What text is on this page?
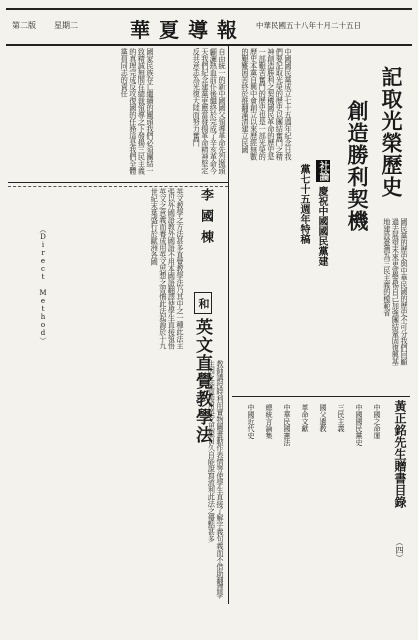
第二版 星期二	華夏導報 中華民國五十八年十月二十五日
記取光榮歷史
創造勝利契機
社論
慶祝中國國民黨建
黨七十五週年特稿
中國國民黨成立七十五週年紀念日我們要記取光榮的歷史以團結奮鬥之精神創造勝利之契機國民革命的歷史是一部艱苦奮鬥的歷史也是一部光榮的歷史本黨自興中會創立以來歷經無數的艱難困苦終於推翻滿清建立民國
自由統一的新中國國父領導革命先烈拋頭顱灑熱血前仆後繼終於完成了辛亥革命今天我們紀念建黨更應當發揚革命精神堅定反共意志為光復大陸而努力奮鬥
國家民族存亡繼續的關頭我們必須團結一致精誠無間在總裁領導之下發揚三民主義的真理完成反攻復國的任務這是我們全體黨員同志的責任
國民黨的歷史與中華民國的歷史不可分我們回顧過去展望未來更當警惕自己加強團結鞏固復興基地建設臺灣為三民主義的模範省
李國棟
和
英文直覺教學法
（Direct Method）	英文教學之方法甚多直覺教學法乃其中之一種此法主張以外國語教外國語不用本國語翻譯使學生直接領悟英文之意義而養成用英文思想之習慣此法起源於十九世紀末葉盛行於歐洲各國
教師講授時利用實物圖畫動作表情等使學生直接了解字義句義而不借助翻譯學生因之能直接用英文思想日久自能說寫流利此法之優點甚多	黃正銘先生贈書目錄
（四）
中國之命運
中國國民黨史
三民主義
國父遺教
革命文獻
中華民國憲法
總統言論集
中國近代史
